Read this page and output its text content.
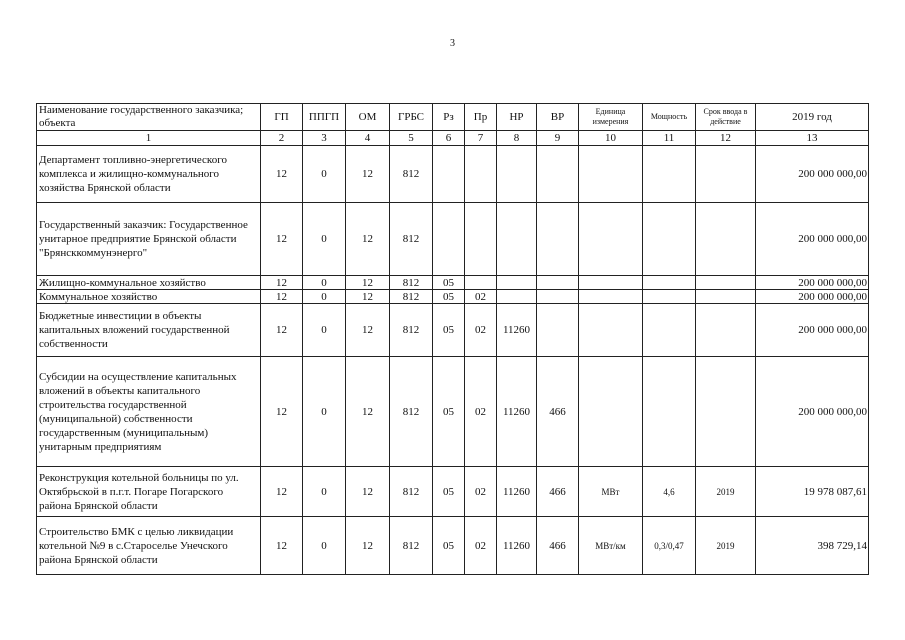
3
Наименование государственного заказчика; объекта	ГП	ППГП	ОМ	ГРБС	Рз	Пр	НР	ВР	Единица измерения	Мощность	Срок ввода в действие	2019 год
1	2	3	4	5	6	7	8	9	10	11	12	13
Департамент топливно-энергетического комплекса и жилищно-коммунального хозяйства Брянской области	12	0	12	812								200 000 000,00
Государственный заказчик: Государственное унитарное предприятие Брянской области "Брянсккоммунэнерго"	12	0	12	812								200 000 000,00
Жилищно-коммунальное хозяйство	12	0	12	812	05							200 000 000,00
Коммунальное хозяйство	12	0	12	812	05	02						200 000 000,00
Бюджетные инвестиции в объекты капитальных вложений государственной собственности	12	0	12	812	05	02	11260					200 000 000,00
Субсидии на осуществление капитальных вложений в объекты капитального строительства государственной (муниципальной) собственности государственным (муниципальным) унитарным предприятиям	12	0	12	812	05	02	11260	466				200 000 000,00
Реконструкция котельной больницы по ул. Октябрьской в п.г.т. Погаре Погарского района Брянской области	12	0	12	812	05	02	11260	466	МВт	4,6	2019	19 978 087,61
Строительство БМК с целью ликвидации котельной №9 в с.Староселье Унечского района Брянской области	12	0	12	812	05	02	11260	466	МВт/км	0,3/0,47	2019	398 729,14
